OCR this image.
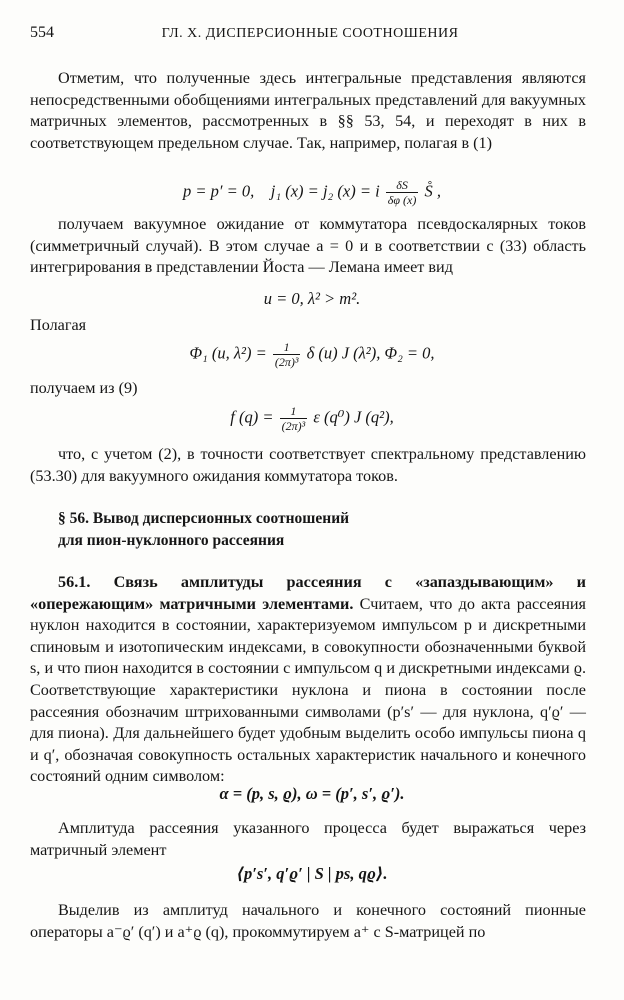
554	ГЛ. X. ДИСПЕРСИОННЫЕ СООТНОШЕНИЯ

Отметим, что полученные здесь интегральные представления являются непосредственными обобщениями интегральных представлений для вакуумных матричных элементов, рассмотренных в §§ 53, 54, и переходят в них в соответствующем предельном случае. Так, например, полагая в (1)

p = p′ = 0, j₁ (x) = j₂ (x) = i $\frac{\delta S}{\delta\varphi (x)}$ S̊ ,

получаем вакуумное ожидание от коммутатора псевдоскалярных токов (симметричный случай). В этом случае a = 0 и в соответствии с (33) область интегрирования в представлении Йоста — Лемана имеет вид

u = 0, λ² > m².

Полагая

Φ₁ (u, $\lambda^2) = \frac{1}{\text{(2π)³}}$ δ (u) J (λ²), Φ₂ = 0,

получаем из (9)

f $(q) = \frac{1}{\text{(2π)³}}$ ε (q⁰) J (q²),

что, с учетом (2), в точности соответствует спектральному представлению (53.30) для вакуумного ожидания коммутатора токов.

§ 56. Вывод дисперсионных соотношений
для пион-нуклонного рассеяния

56.1. Связь амплитуды рассеяния с «запаздывающим» и «опережающим» матричными элементами. Считаем, что до акта рассеяния нуклон находится в состоянии, характеризуемом импульсом p и дискретными спиновым и изотопическим индексами, в совокупности обозначенными буквой s, и что пион находится в состоянии с импульсом q и дискретными индексами ϱ. Соответствующие характеристики нуклона и пиона в состоянии после рассеяния обозначим штрихованными символами (p′s′ — для нуклона, q′ϱ′ — для пиона). Для дальнейшего будет удобным выделить особо импульсы пиона q и q′, обозначая совокупность остальных характеристик начального и конечного состояний одним символом:

α = (p, s, ϱ), ω = (p′, s′, ϱ′).

Амплитуда рассеяния указанного процесса будет выражаться через матричный элемент

⟨p′s′, q′ϱ′ | S | ps, qϱ⟩.

Выделив из амплитуд начального и конечного состояний пионные операторы a⁻ϱ′ (q′) и a⁺ϱ (q), прокоммутируем a⁺ с S-матрицей по
